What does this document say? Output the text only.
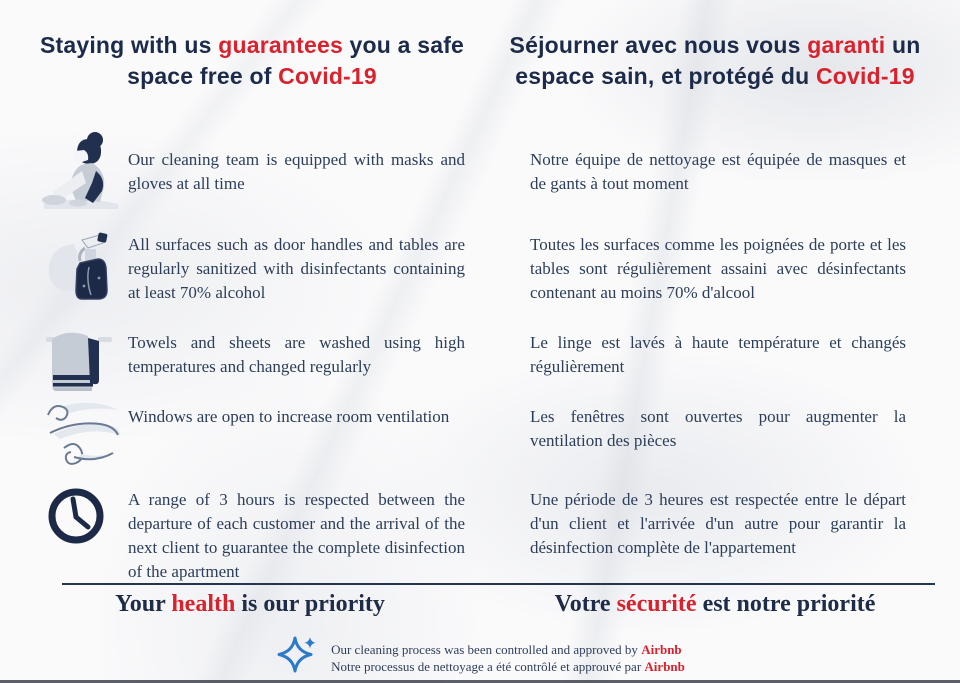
Staying with us guarantees you a safe space free of Covid-19
Séjourner avec nous vous garanti un espace sain, et protégé du Covid-19
Our cleaning team is equipped with masks and gloves at all time
Notre équipe de nettoyage est équipée de masques et de gants à tout moment
All surfaces such as door handles and tables are regularly sanitized with disinfectants containing at least 70% alcohol
Toutes les surfaces comme les poignées de porte et les tables sont régulièrement assaini avec désinfectants contenant au moins 70% d'alcool
Towels and sheets are washed using high temperatures and changed regularly
Le linge est lavés à haute température et changés régulièrement
Windows are open to increase room ventilation	Les fenêtres sont ouvertes pour augmenter la ventilation des pièces
A range of 3 hours is respected between the departure of each customer and the arrival of the next client to guarantee the complete disinfection of the apartment
Une période de 3 heures est respectée entre le départ d'un client et l'arrivée d'un autre pour garantir la désinfection complète de l'appartement
Your health is our priority	Votre sécurité est notre priorité
Our cleaning process was been controlled and approved by Airbnb
Notre processus de nettoyage a été contrôlé et approuvé par Airbnb
